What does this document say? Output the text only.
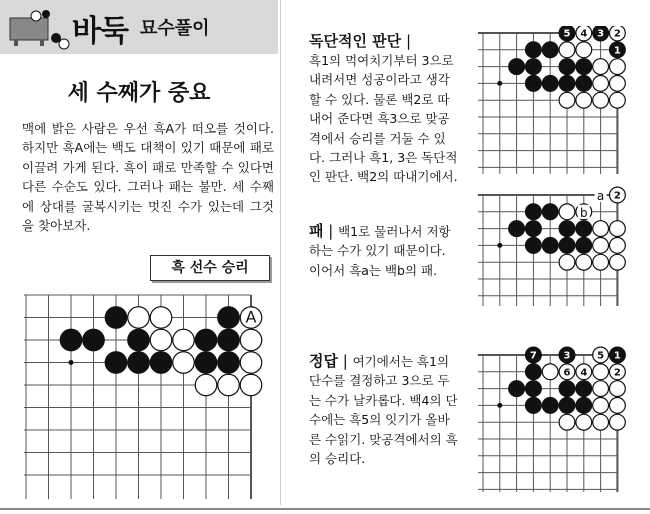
바둑 묘수풀이
세 수째가 중요
맥에 밝은 사람은 우선 흑A가 떠오를 것이다. 하지만 흑A에는 백도 대책이 있기 때문에 패로 이끌려 가게 된다. 흑이 패로 만족할 수 있다면 다른 수순도 있다. 그러나 패는 불만. 세 수째에 상대를 굴복시키는 멋진 수가 있는데 그것을 찾아보자.
흑 선수 승리
A
독단적인 판단 |
흑1의 먹여치기부터 3으로 내려서면 성공이라고 생각할 수 있다. 물론 백2로 따내어 준다면 흑3으로 맞공격에서 승리를 거둘 수 있다. 그러나 흑1, 3은 독단적인 판단. 백2의 따내기에서.
5 4 3 2
1
패 | 백1로 물러나서 저항하는 수가 있기 때문이다. 이어서 흑a는 백b의 패.
2
a
b
정답 | 여기에서는 흑1의 단수를 결정하고 3으로 두는 수가 날카롭다. 백4의 단수에는 흑5의 잇기가 올바른 수읽기. 맞공격에서의 흑의 승리다.
7	3	5 1
6 4	2
